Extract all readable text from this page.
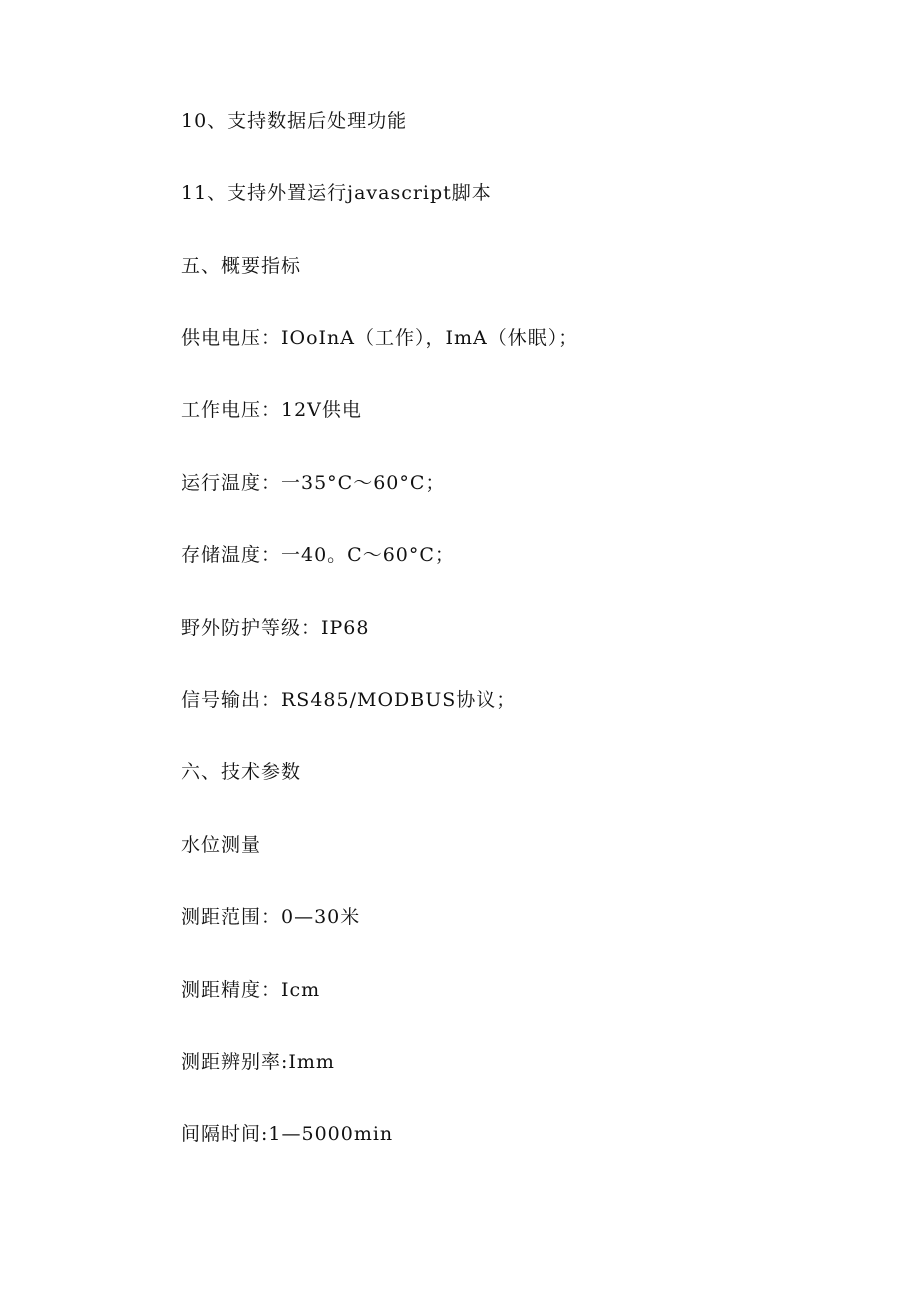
10、支持数据后处理功能
11、支持外置运行javascript脚本
五、概要指标
供电电压：IOoInA（工作），ImA（休眠）；
工作电压：12V供电
运行温度：一35°C～60°C；
存储温度：一40。C～60°C；
野外防护等级：IP68
信号输出：RS485/MODBUS协议；
六、技术参数
水位测量
测距范围：0—30米
测距精度：Icm
测距辨别率:Imm
间隔时间:1—5000min
